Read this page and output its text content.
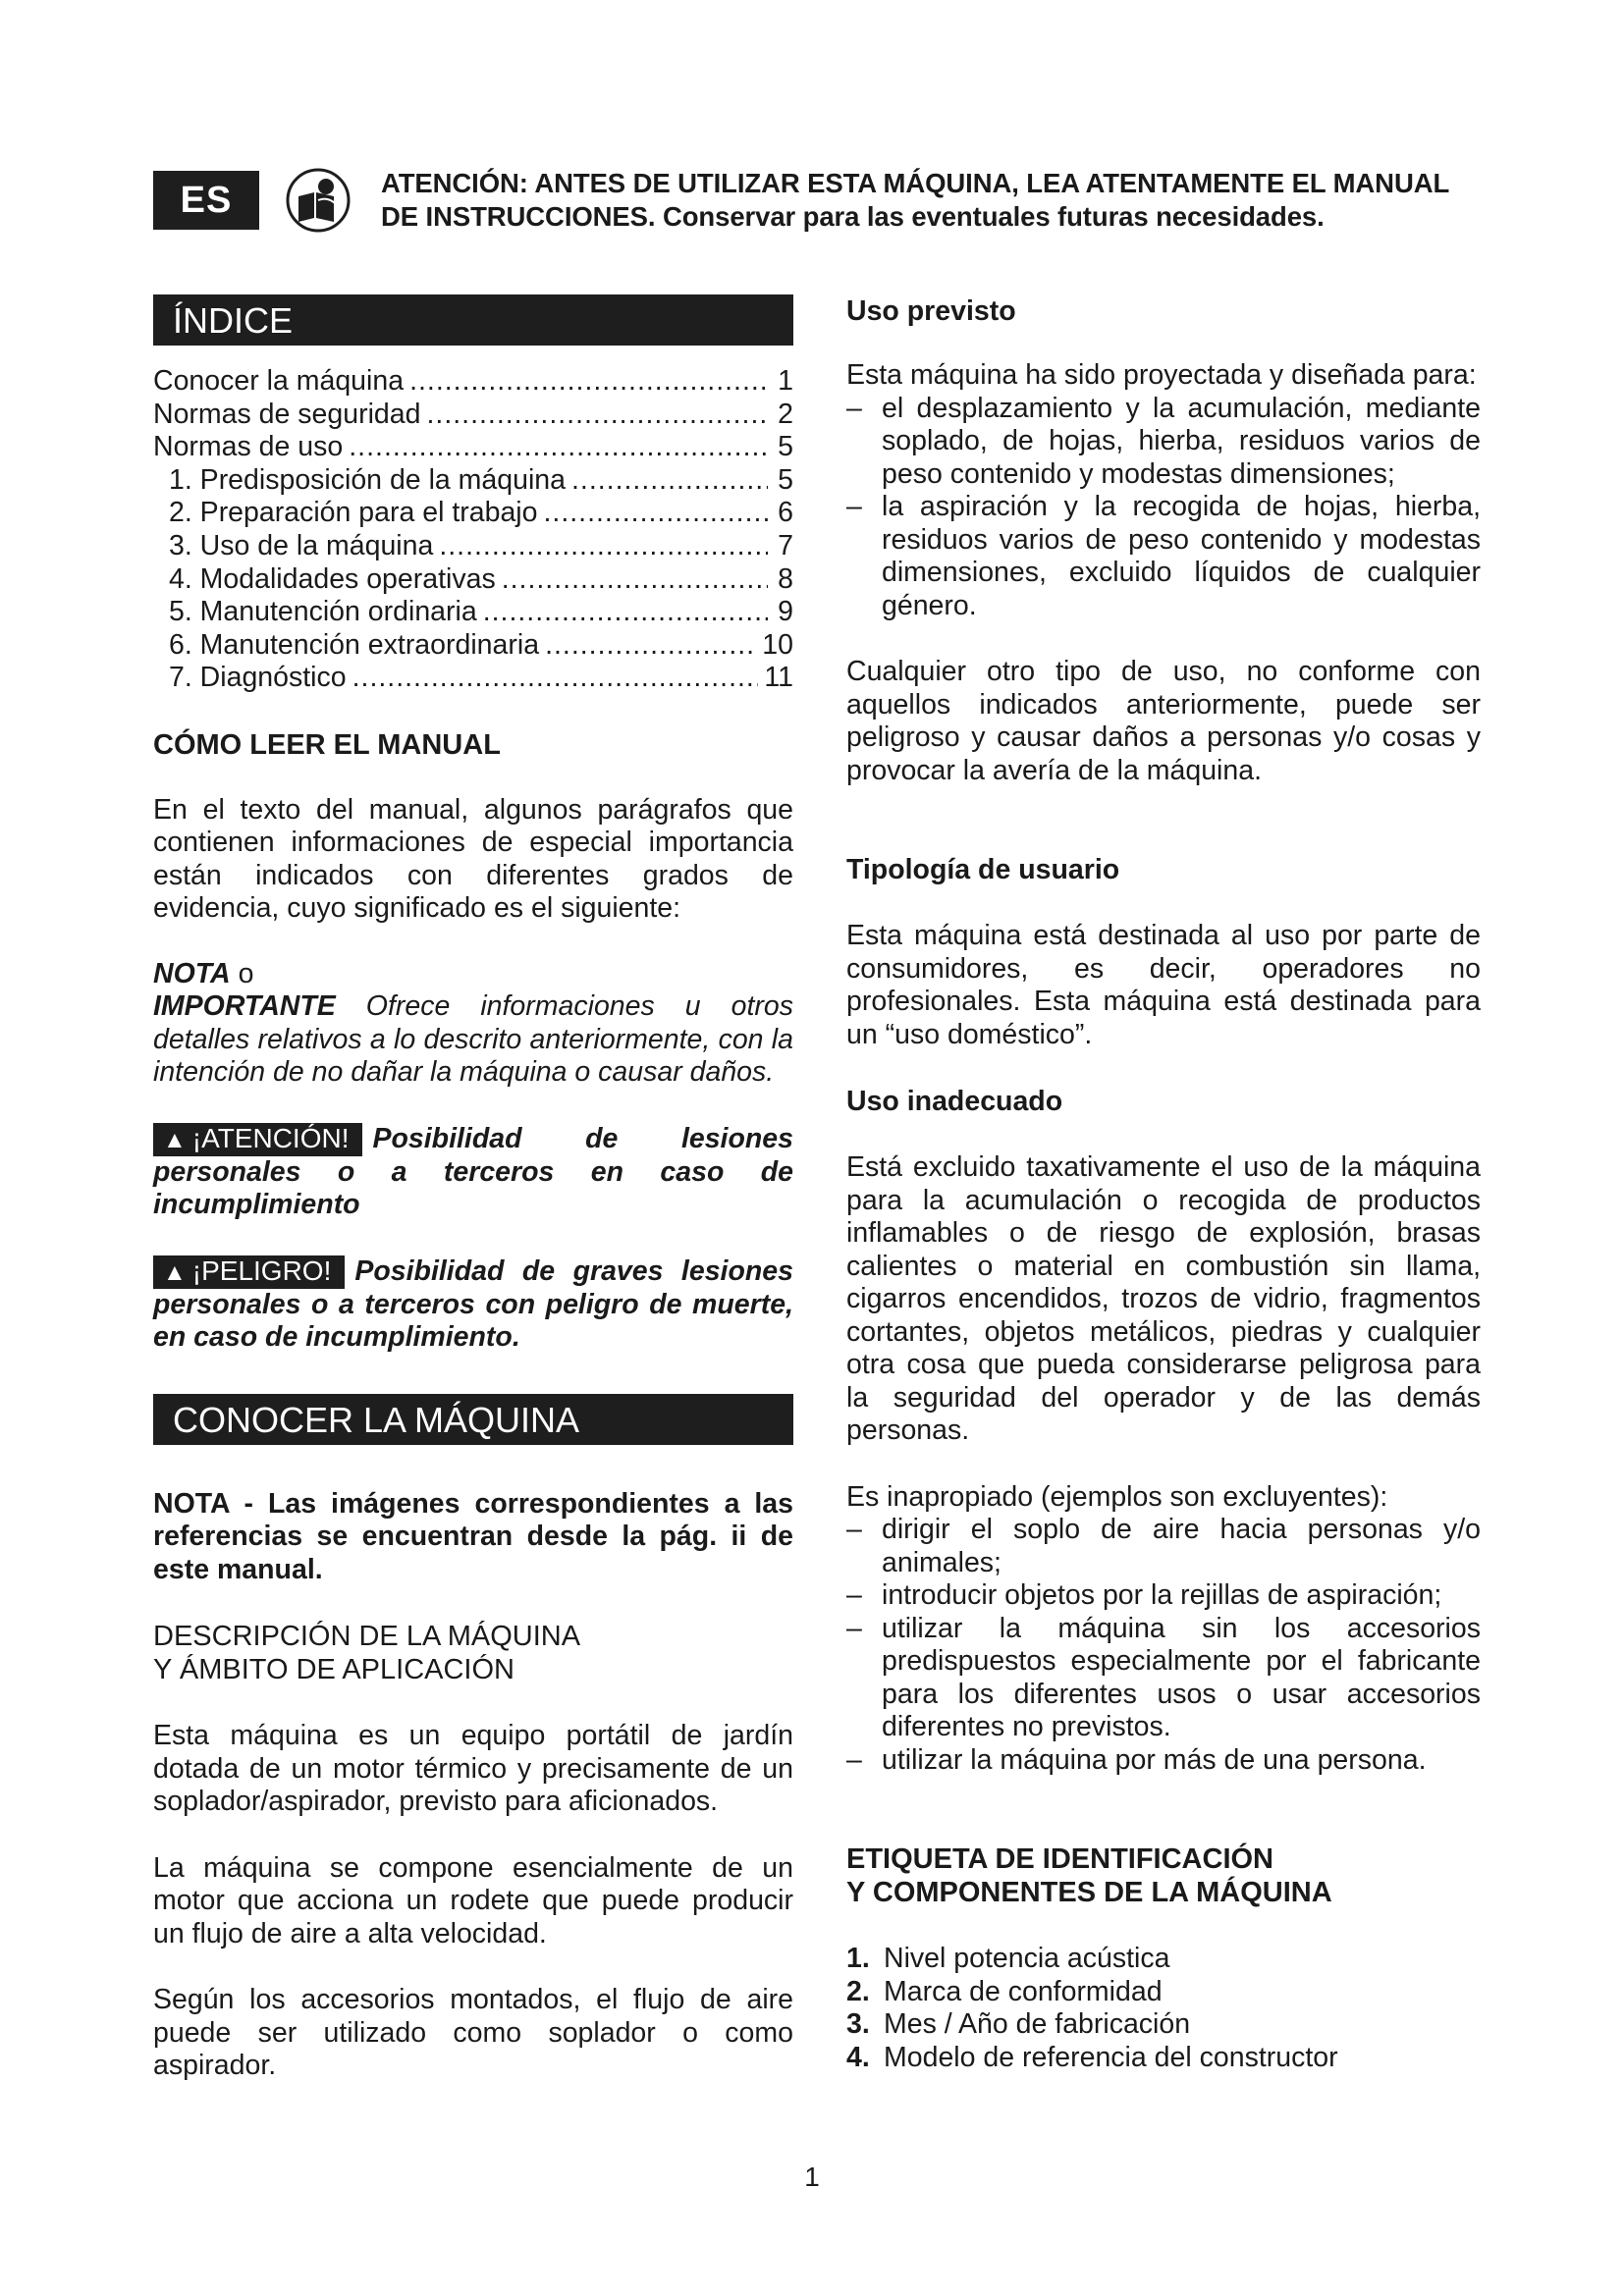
ES	ATENCIÓN: ANTES DE UTILIZAR ESTA MÁQUINA, LEA ATENTAMENTE EL MANUAL
DE INSTRUCCIONES. Conservar para las eventuales futuras necesidades.
ÍNDICE
Conocer la máquina .....	1
Normas de seguridad .....	2
Normas de uso .....	5
1. Predisposición de la máquina .....	5
2. Preparación para el trabajo .....	6
3. Uso de la máquina .....	7
4. Modalidades operativas .....	8
5. Manutención ordinaria .....	9
6. Manutención extraordinaria .....	10
7. Diagnóstico .....	11

CÓMO LEER EL MANUAL

En el texto del manual, algunos parágrafos que contienen informaciones de especial importancia están indicados con diferentes grados de evidencia, cuyo significado es el siguiente:

NOTA o

IMPORTANTE Ofrece informaciones u otros detalles relativos a lo descrito anteriormente, con la intención de no dañar la máquina o causar daños.

▲ ¡ATENCIÓN! Posibilidad de lesiones personales o a terceros en caso de incumplimiento

▲ ¡PELIGRO! Posibilidad de graves lesiones personales o a terceros con peligro de muerte, en caso de incumplimiento.

CONOCER LA MÁQUINA

NOTA - Las imágenes correspondientes a las referencias se encuentran desde la pág. ii de este manual.

DESCRIPCIÓN DE LA MÁQUINA

Y ÁMBITO DE APLICACIÓN

Esta máquina es un equipo portátil de jardín dotada de un motor térmico y precisamente de un soplador/aspirador, previsto para aficionados.

La máquina se compone esencialmente de un motor que acciona un rodete que puede producir un flujo de aire a alta velocidad.

Según los accesorios montados, el flujo de aire puede ser utilizado como soplador o como aspirador.

Uso previsto

Esta máquina ha sido proyectada y diseñada para:

– el desplazamiento y la acumulación, mediante soplado, de hojas, hierba, residuos varios de peso contenido y modestas dimensiones;
– la aspiración y la recogida de hojas, hierba, residuos varios de peso contenido y modestas dimensiones, excluido líquidos de cualquier género.

Cualquier otro tipo de uso, no conforme con aquellos indicados anteriormente, puede ser peligroso y causar daños a personas y/o cosas y provocar la avería de la máquina.

Tipología de usuario

Esta máquina está destinada al uso por parte de consumidores, es decir, operadores no profesionales. Esta máquina está destinada para un “uso doméstico”.

Uso inadecuado

Está excluido taxativamente el uso de la máquina para la acumulación o recogida de productos inflamables o de riesgo de explosión, brasas calientes o material en combustión sin llama, cigarros encendidos, trozos de vidrio, fragmentos cortantes, objetos metálicos, piedras y cualquier otra cosa que pueda considerarse peligrosa para la seguridad del operador y de las demás personas.

Es inapropiado (ejemplos son excluyentes):

– dirigir el soplo de aire hacia personas y/o animales;
– introducir objetos por la rejillas de aspiración;
– utilizar la máquina sin los accesorios predispuestos especialmente por el fabricante para los diferentes usos o usar accesorios diferentes no previstos.
– utilizar la máquina por más de una persona.

ETIQUETA DE IDENTIFICACIÓN

Y COMPONENTES DE LA MÁQUINA

1. Nivel potencia acústica
2. Marca de conformidad
3. Mes / Año de fabricación
4. Modelo de referencia del constructor
1
